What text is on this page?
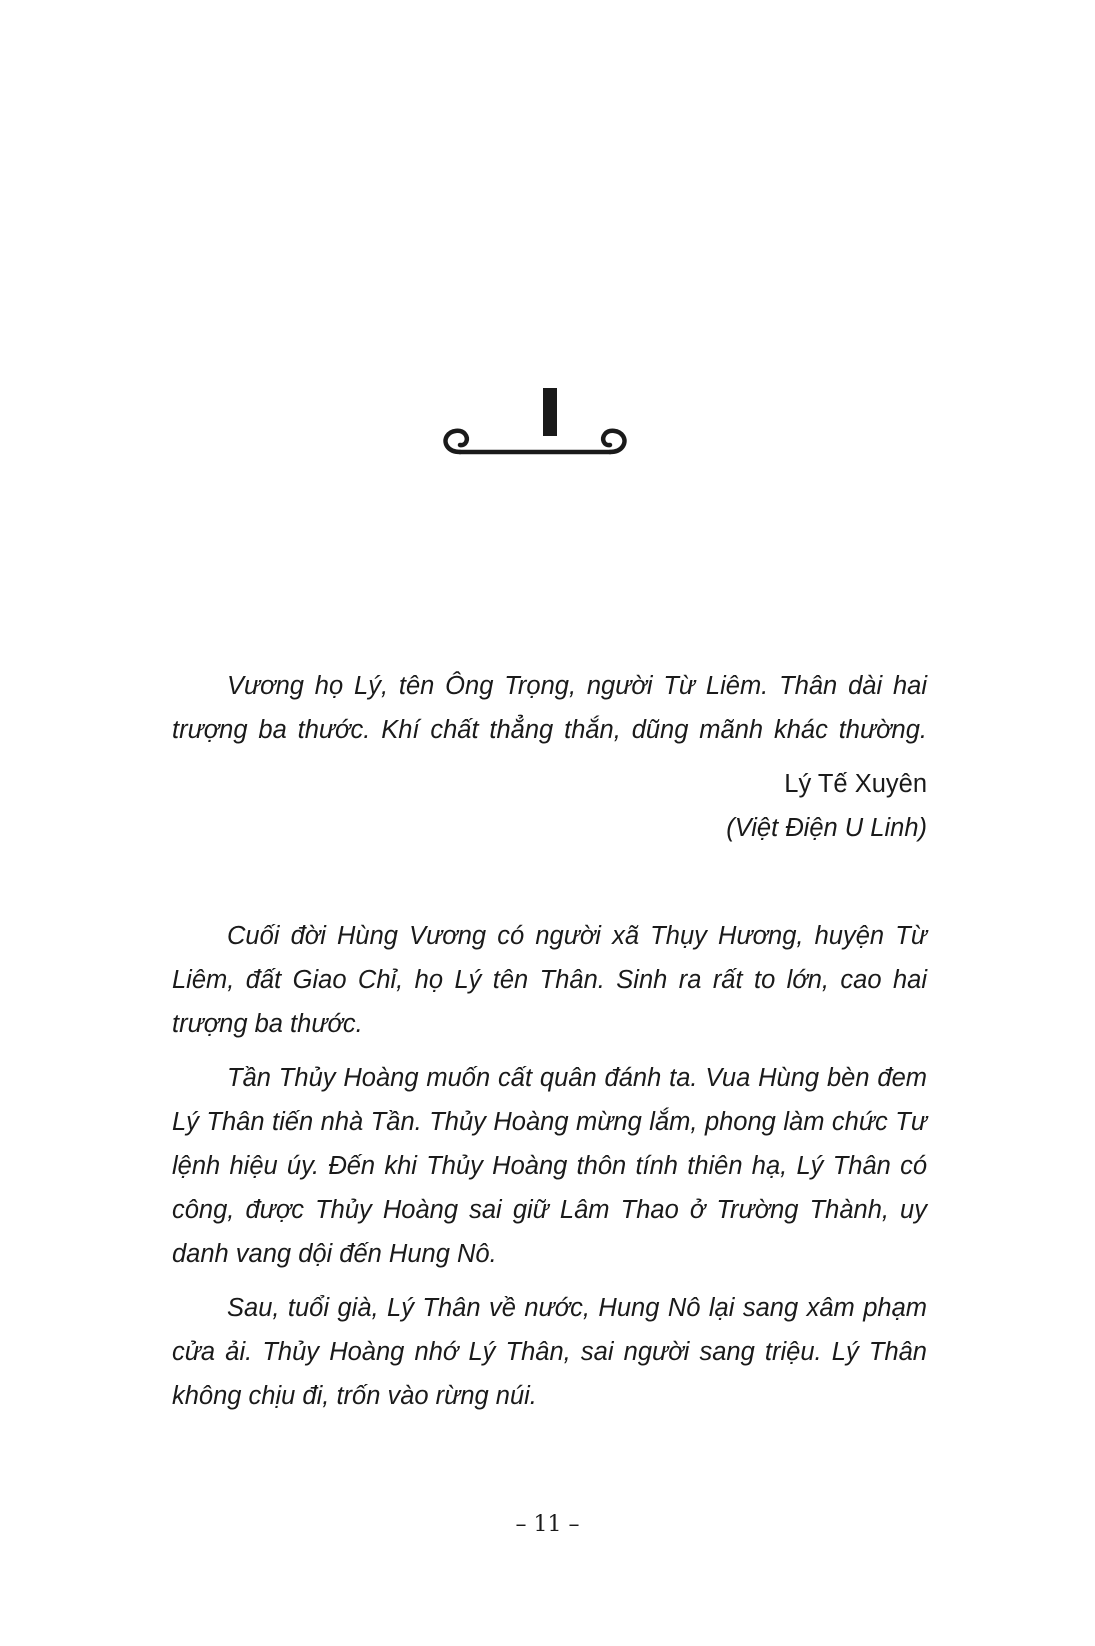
Vương họ Lý, tên Ông Trọng, người Từ Liêm. Thân dài hai trượng ba thước. Khí chất thẳng thắn, dũng mãnh khác thường.

Lý Tế Xuyên
(Việt Điện U Linh)

Cuối đời Hùng Vương có người xã Thụy Hương, huyện Từ Liêm, đất Giao Chỉ, họ Lý tên Thân. Sinh ra rất to lớn, cao hai trượng ba thước.

Tần Thủy Hoàng muốn cất quân đánh ta. Vua Hùng bèn đem Lý Thân tiến nhà Tần. Thủy Hoàng mừng lắm, phong làm chức Tư lệnh hiệu úy. Đến khi Thủy Hoàng thôn tính thiên hạ, Lý Thân có công, được Thủy Hoàng sai giữ Lâm Thao ở Trường Thành, uy danh vang dội đến Hung Nô.

Sau, tuổi già, Lý Thân về nước, Hung Nô lại sang xâm phạm cửa ải. Thủy Hoàng nhớ Lý Thân, sai người sang triệu. Lý Thân không chịu đi, trốn vào rừng núi.

– 11 –
